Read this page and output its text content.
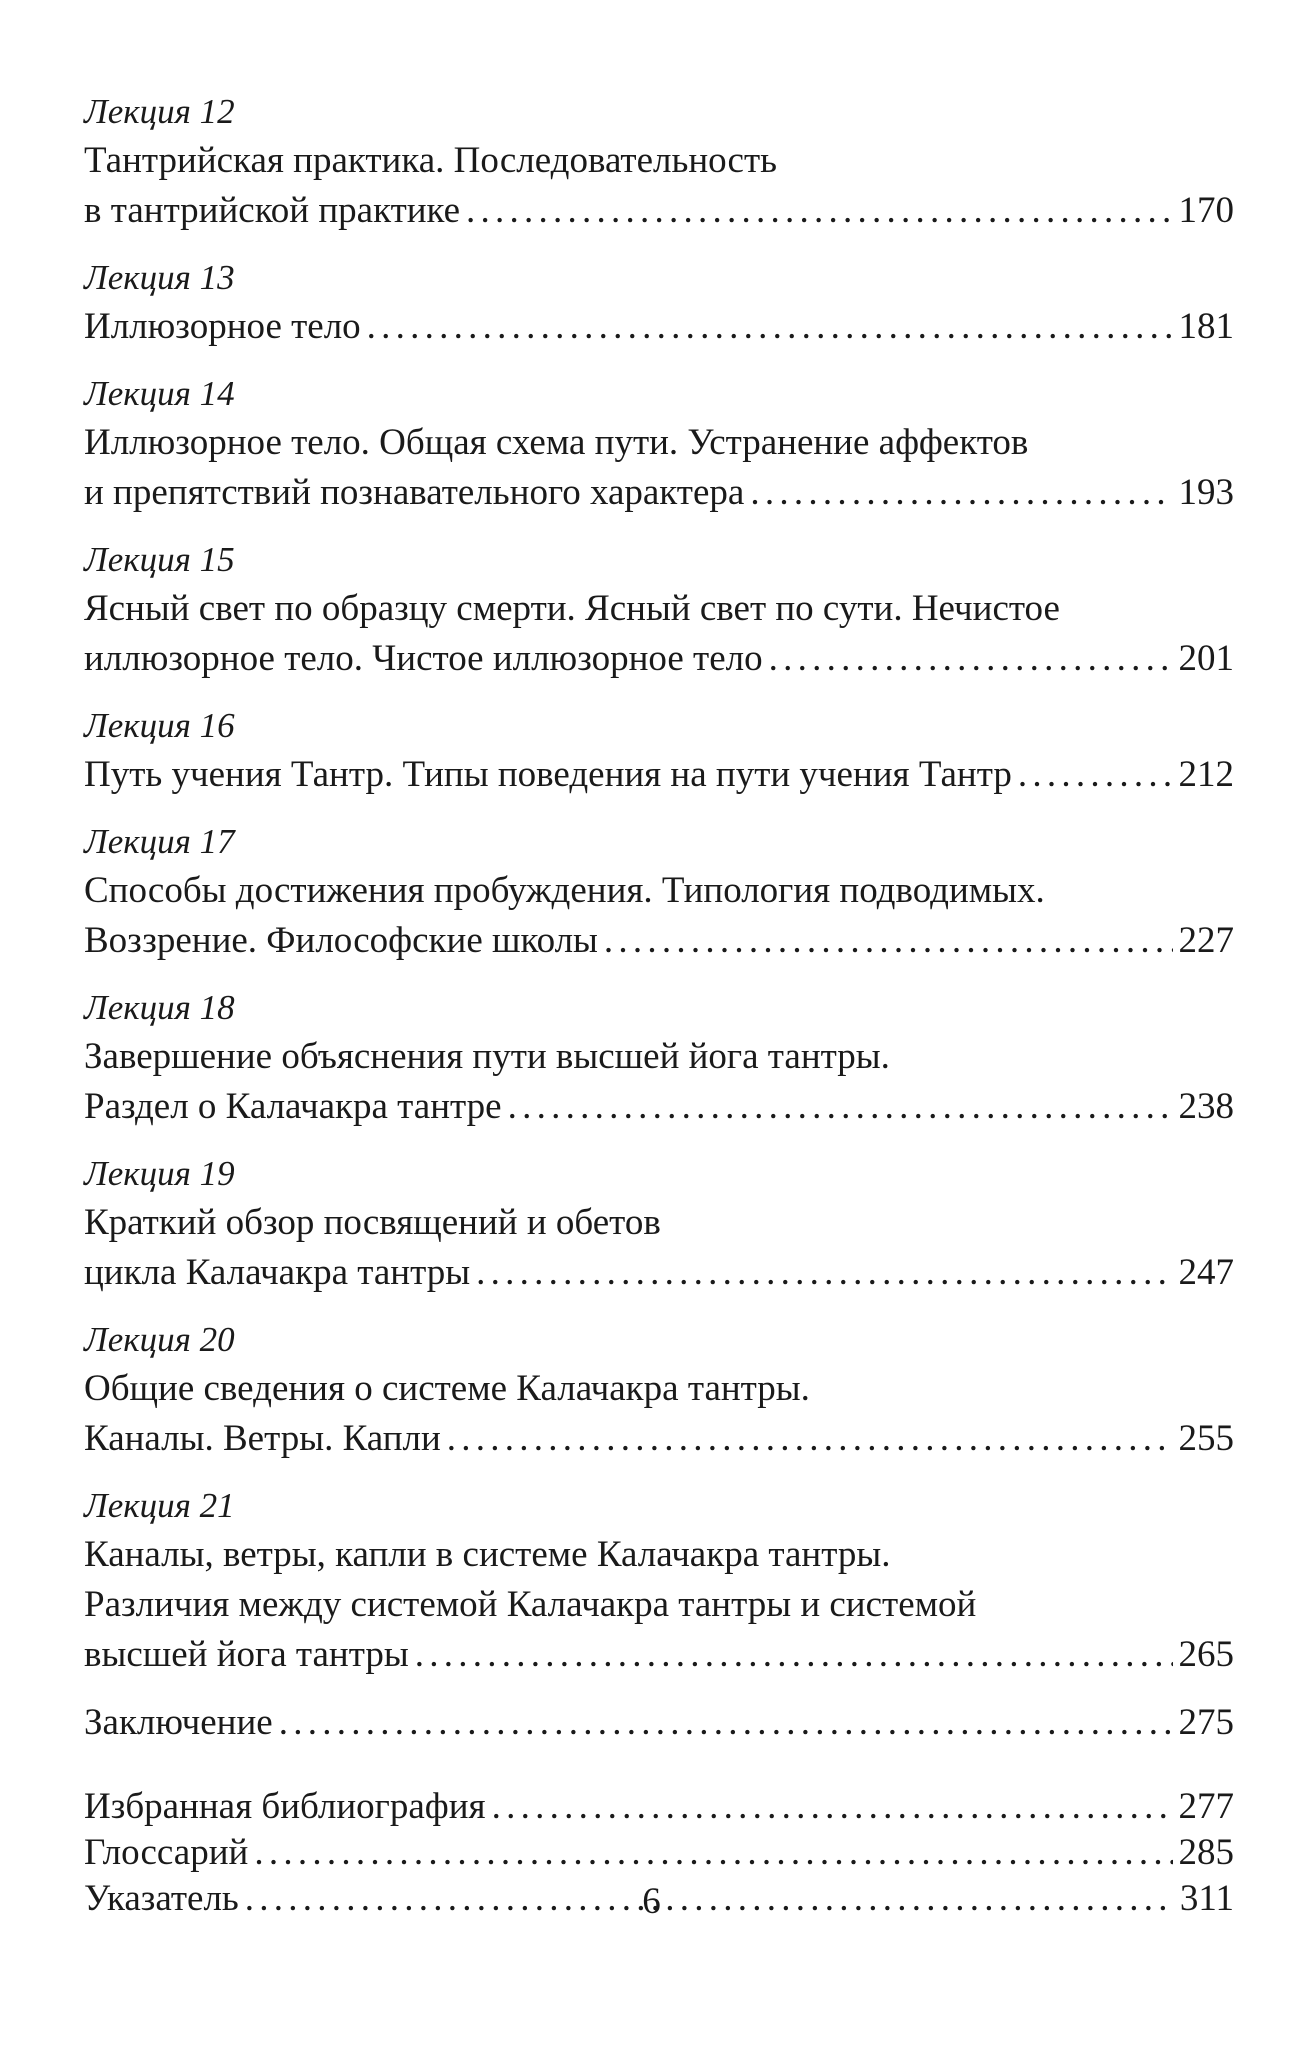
Лекция 12
Тантрийская практика. Последовательность
в тантрийской практике . . .	170
Лекция 13
Иллюзорное тело . . .	181
Лекция 14
Иллюзорное тело. Общая схема пути. Устранение аффектов
и препятствий познавательного характера . . .	193
Лекция 15
Ясный свет по образцу смерти. Ясный свет по сути. Нечистое
иллюзорное тело. Чистое иллюзорное тело . . .	201
Лекция 16
Путь учения Тантр. Типы поведения на пути учения Тантр . . .	212
Лекция 17
Способы достижения пробуждения. Типология подводимых.
Воззрение. Философские школы . . .	227
Лекция 18
Завершение объяснения пути высшей йога тантры.
Раздел о Калачакра тантре . . .	238
Лекция 19
Краткий обзор посвящений и обетов
цикла Калачакра тантры . . .	247
Лекция 20
Общие сведения о системе Калачакра тантры.
Каналы. Ветры. Капли . . .	255
Лекция 21
Каналы, ветры, капли в системе Калачакра тантры.
Различия между системой Калачакра тантры и системой
высшей йога тантры . . .	265
Заключение . . .	275
Избранная библиография . . .	277
Глоссарий . . .	285
Указатель . . .	311
6
